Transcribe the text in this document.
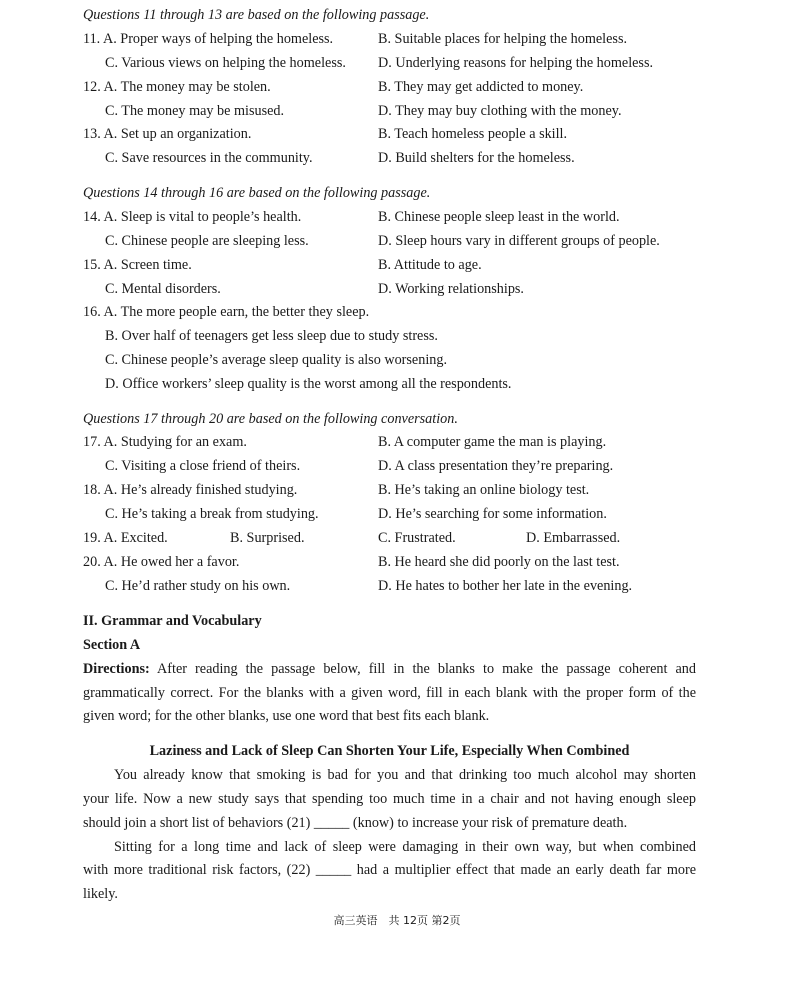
Questions 11 through 13 are based on the following passage.
11. A. Proper ways of helping the homeless.	B. Suitable places for helping the homeless.
C. Various views on helping the homeless. D. Underlying reasons for helping the homeless.
12. A. The money may be stolen.	B. They may get addicted to money.
C. The money may be misused.	D. They may buy clothing with the money.
13. A. Set up an organization.	B. Teach homeless people a skill.
C. Save resources in the community.	D. Build shelters for the homeless.
Questions 14 through 16 are based on the following passage.
14. A. Sleep is vital to people’s health.	B. Chinese people sleep least in the world.
C. Chinese people are sleeping less.	D. Sleep hours vary in different groups of people.
15. A. Screen time.	B. Attitude to age.
C. Mental disorders.	D. Working relationships.
16. A. The more people earn, the better they sleep.
B. Over half of teenagers get less sleep due to study stress.
C. Chinese people’s average sleep quality is also worsening.
D. Office workers’ sleep quality is the worst among all the respondents.
Questions 17 through 20 are based on the following conversation.
17. A. Studying for an exam.	B. A computer game the man is playing.
C. Visiting a close friend of theirs.	D. A class presentation they’re preparing.
18. A. He’s already finished studying.	B. He’s taking an online biology test.
C. He’s taking a break from studying.	D. He’s searching for some information.
19. A. Excited.	B. Surprised.	C. Frustrated.	D. Embarrassed.
20. A. He owed her a favor.	B. He heard she did poorly on the last test.
C. He’d rather study on his own.	D. He hates to bother her late in the evening.
II. Grammar and Vocabulary
Section A
Directions: After reading the passage below, fill in the blanks to make the passage coherent and
grammatically correct. For the blanks with a given word, fill in each blank with the proper form of the
given word; for the other blanks, use one word that best fits each blank.
Laziness and Lack of Sleep Can Shorten Your Life, Especially When Combined
You already know that smoking is bad for you and that drinking too much alcohol may shorten
your life. Now a new study says that spending too much time in a chair and not having enough sleep
should join a short list of behaviors (21) _____ (know) to increase your risk of premature death.
Sitting for a long time and lack of sleep were damaging in their own way, but when combined
with more traditional risk factors, (22) _____ had a multiplier effect that made an early death far more
likely.
高三英语　共 12页 第2页
